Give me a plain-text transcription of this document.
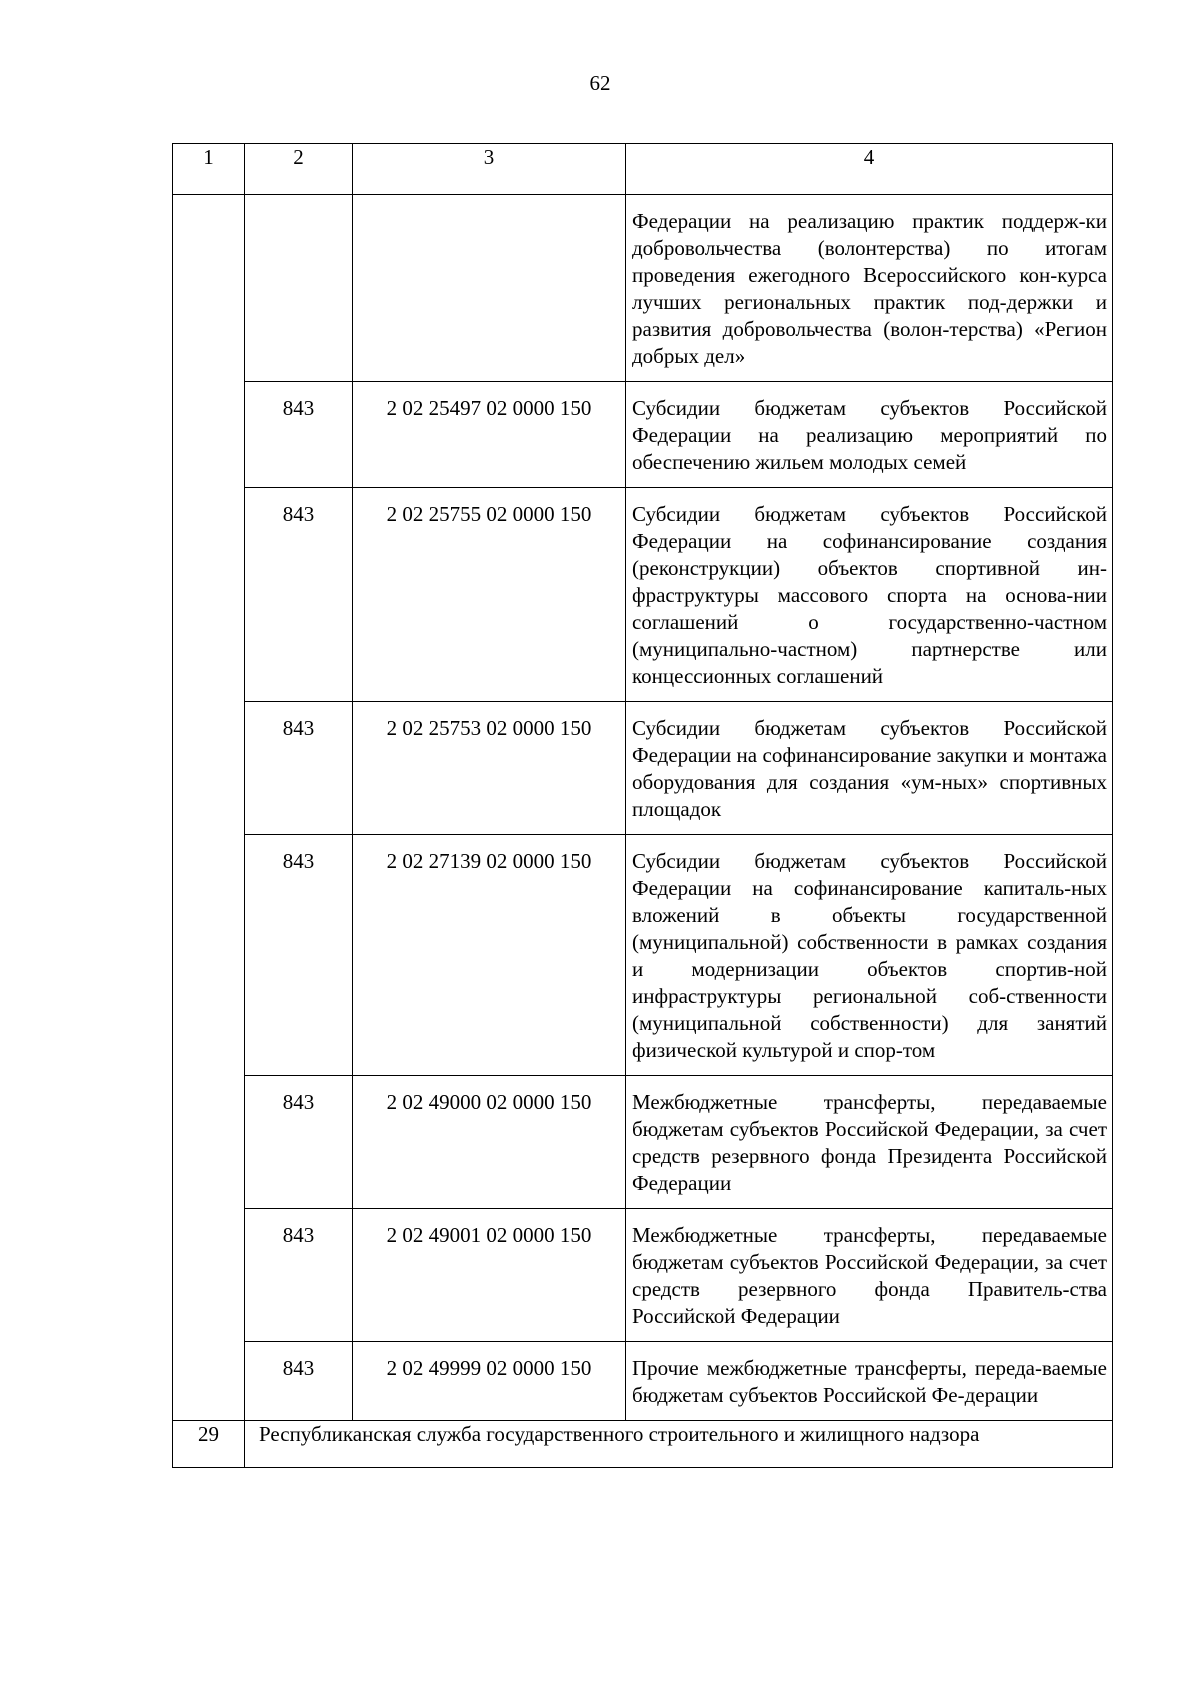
62
1	2	3	4
			Федерации на реализацию практик поддерж-ки добровольчества (волонтерства) по итогам проведения ежегодного Всероссийского кон-курса лучших региональных практик под-держки и развития добровольчества (волон-терства) «Регион добрых дел»
	843	2 02 25497 02 0000 150	Субсидии бюджетам субъектов Российской Федерации на реализацию мероприятий по обеспечению жильем молодых семей
	843	2 02 25755 02 0000 150	Субсидии бюджетам субъектов Российской Федерации на софинансирование создания (реконструкции) объектов спортивной ин-фраструктуры массового спорта на основа-нии соглашений о государственно-частном (муниципально-частном) партнерстве или концессионных соглашений
	843	2 02 25753 02 0000 150	Субсидии бюджетам субъектов Российской Федерации на софинансирование закупки и монтажа оборудования для создания «ум-ных» спортивных площадок
	843	2 02 27139 02 0000 150	Субсидии бюджетам субъектов Российской Федерации на софинансирование капиталь-ных вложений в объекты государственной (муниципальной) собственности в рамках создания и модернизации объектов спортив-ной инфраструктуры региональной соб-ственности (муниципальной собственности) для занятий физической культурой и спор-том
	843	2 02 49000 02 0000 150	Межбюджетные трансферты, передаваемые бюджетам субъектов Российской Федерации, за счет средств резервного фонда Президента Российской Федерации
	843	2 02 49001 02 0000 150	Межбюджетные трансферты, передаваемые бюджетам субъектов Российской Федерации, за счет средств резервного фонда Правитель-ства Российской Федерации
	843	2 02 49999 02 0000 150	Прочие межбюджетные трансферты, переда-ваемые бюджетам субъектов Российской Фе-дерации
29	Республиканская служба государственного строительного и жилищного надзора		
